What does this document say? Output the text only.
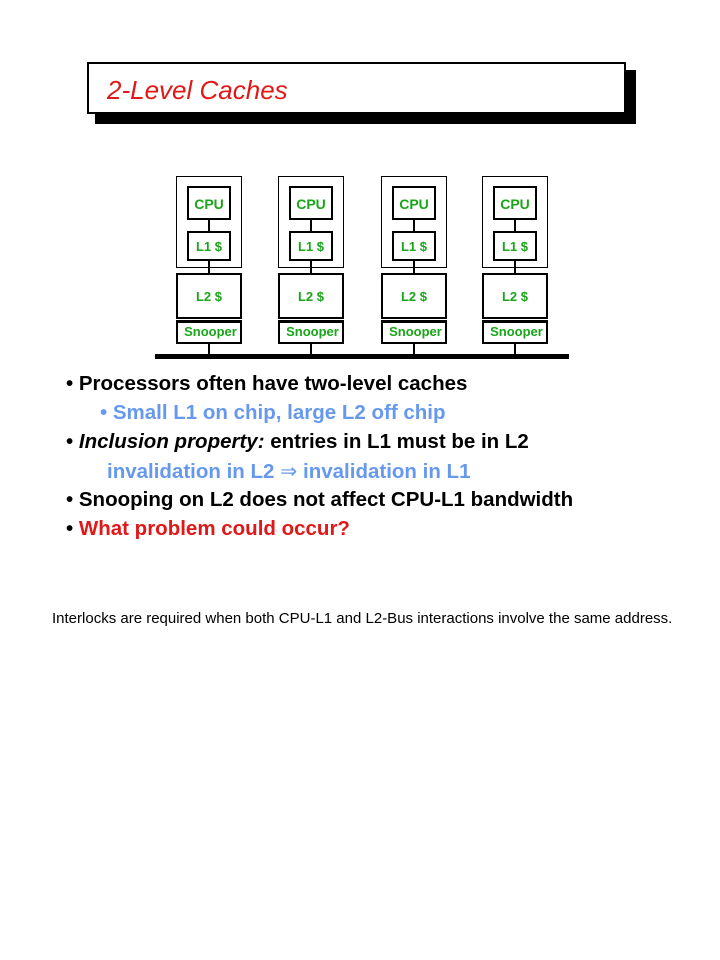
2-Level Caches
CPU
L1 $
L2 $
Snooper
CPU
L1 $
L2 $
Snooper
CPU
L1 $
L2 $
Snooper
CPU
L1 $
L2 $
Snooper
• Processors often have two-level caches
• Small L1 on chip, large L2 off chip
• Inclusion property: entries in L1 must be in L2
invalidation in L2 ⇒ invalidation in L1
• Snooping on L2 does not affect CPU-L1 bandwidth
• What problem could occur?
Interlocks are required when both CPU-L1 and L2-Bus interactions involve the same address.
